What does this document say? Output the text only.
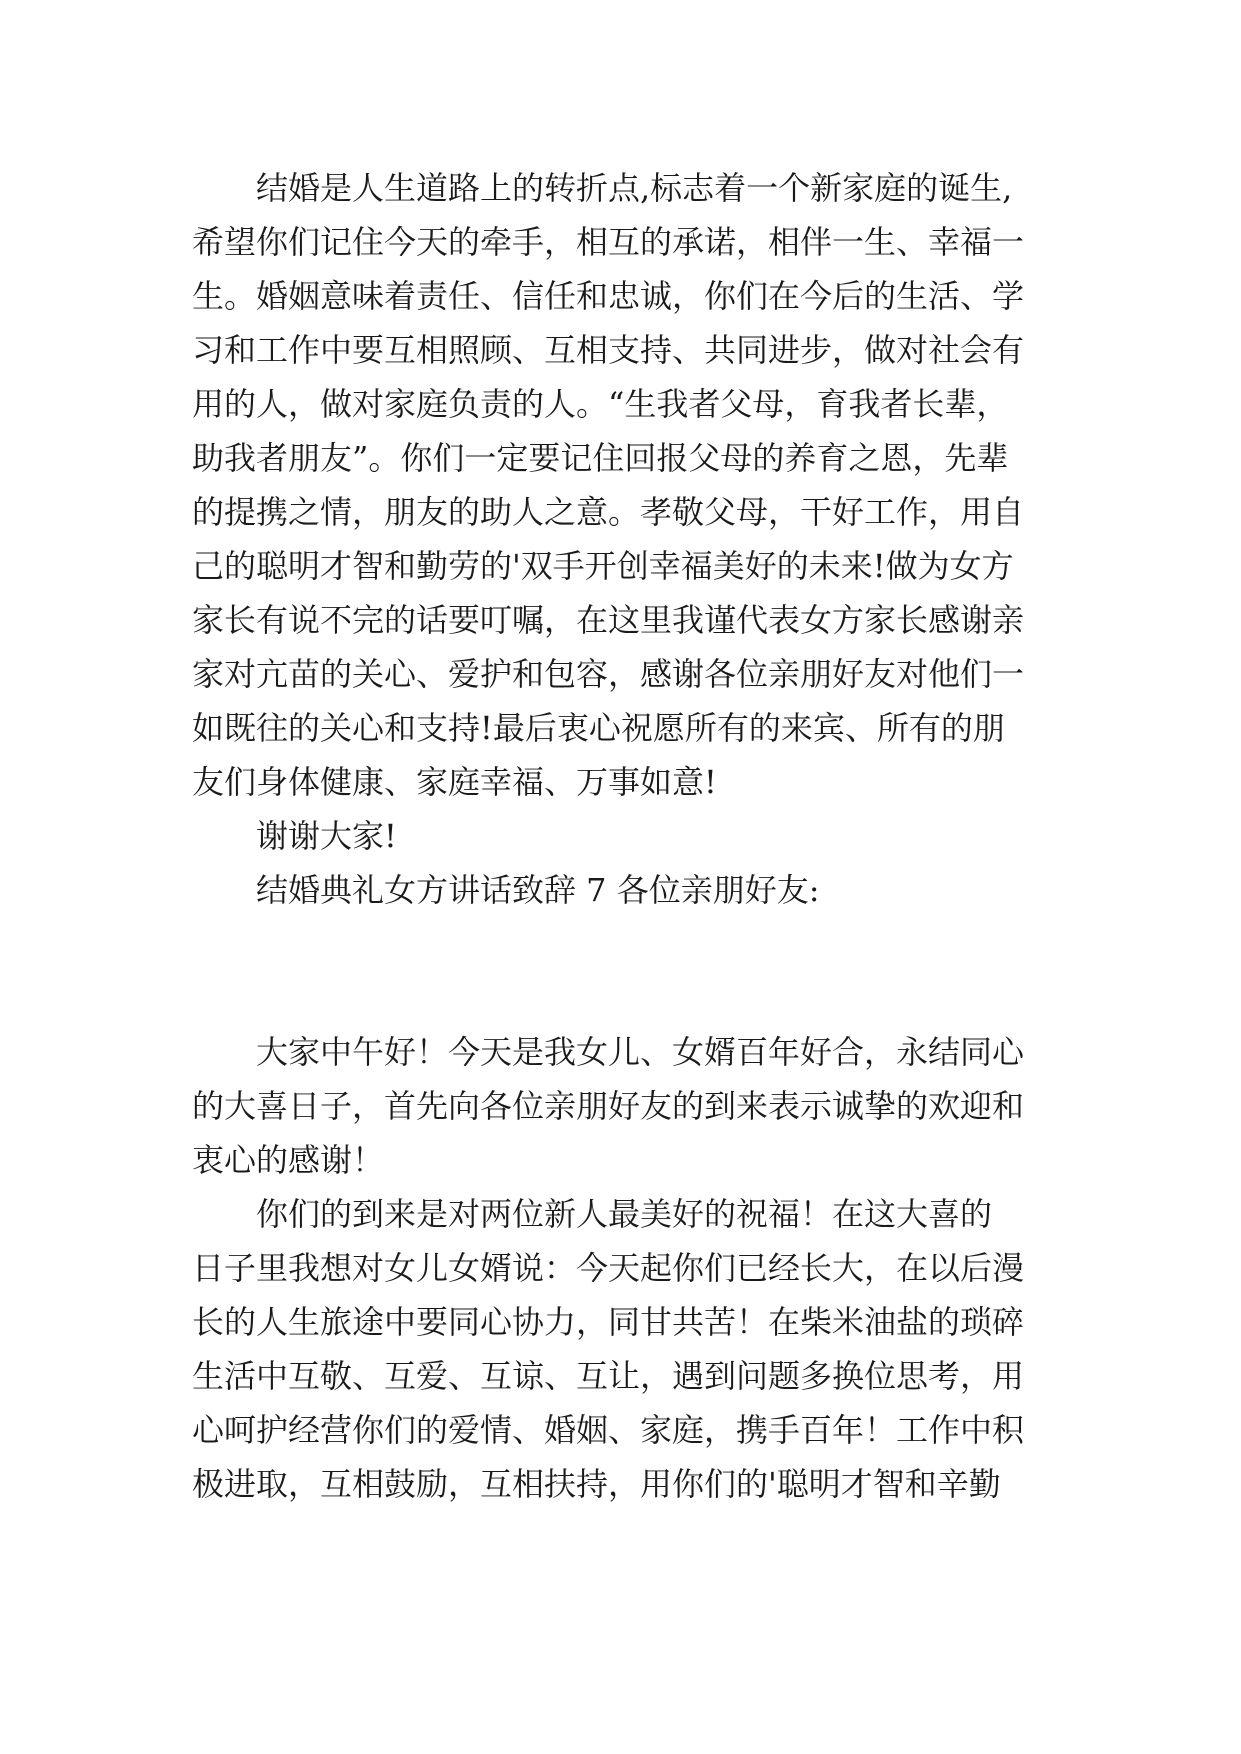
结婚是人生道路上的转折点,标志着一个新家庭的诞生,
希望你们记住今天的牵手，相互的承诺，相伴一生、幸福一
生。婚姻意味着责任、信任和忠诚，你们在今后的生活、学
习和工作中要互相照顾、互相支持、共同进步，做对社会有
用的人，做对家庭负责的人。“生我者父母，育我者长辈，
助我者朋友”。你们一定要记住回报父母的养育之恩，先辈
的提携之情，朋友的助人之意。孝敬父母，干好工作，用自
己的聪明才智和勤劳的'双手开创幸福美好的未来!做为女方
家长有说不完的话要叮嘱，在这里我谨代表女方家长感谢亲
家对亢苗的关心、爱护和包容，感谢各位亲朋好友对他们一
如既往的关心和支持!最后衷心祝愿所有的来宾、所有的朋
友们身体健康、家庭幸福、万事如意!
谢谢大家!
结婚典礼女方讲话致辞 7 各位亲朋好友:
大家中午好！今天是我女儿、女婿百年好合，永结同心
的大喜日子，首先向各位亲朋好友的到来表示诚挚的欢迎和
衷心的感谢！
你们的到来是对两位新人最美好的祝福！在这大喜的
日子里我想对女儿女婿说：今天起你们已经长大，在以后漫
长的人生旅途中要同心协力，同甘共苦！在柴米油盐的琐碎
生活中互敬、互爱、互谅、互让，遇到问题多换位思考，用
心呵护经营你们的爱情、婚姻、家庭，携手百年！工作中积
极进取，互相鼓励，互相扶持，用你们的'聪明才智和辛勤
